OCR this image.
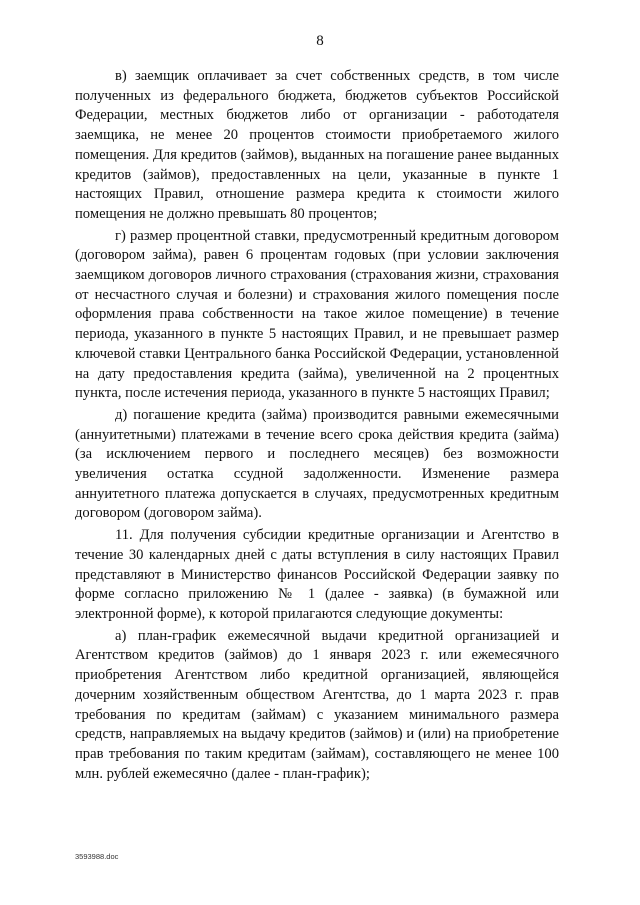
8

в) заемщик оплачивает за счет собственных средств, в том числе полученных из федерального бюджета, бюджетов субъектов Российской Федерации, местных бюджетов либо от организации - работодателя заемщика, не менее 20 процентов стоимости приобретаемого жилого помещения. Для кредитов (займов), выданных на погашение ранее выданных кредитов (займов), предоставленных на цели, указанные в пункте 1 настоящих Правил, отношение размера кредита к стоимости жилого помещения не должно превышать 80 процентов;

г) размер процентной ставки, предусмотренный кредитным договором (договором займа), равен 6 процентам годовых (при условии заключения заемщиком договоров личного страхования (страхования жизни, страхования от несчастного случая и болезни) и страхования жилого помещения после оформления права собственности на такое жилое помещение) в течение периода, указанного в пункте 5 настоящих Правил, и не превышает размер ключевой ставки Центрального банка Российской Федерации, установленной на дату предоставления кредита (займа), увеличенной на 2 процентных пункта, после истечения периода, указанного в пункте 5 настоящих Правил;

д) погашение кредита (займа) производится равными ежемесячными (аннуитетными) платежами в течение всего срока действия кредита (займа) (за исключением первого и последнего месяцев) без возможности увеличения остатка ссудной задолженности. Изменение размера аннуитетного платежа допускается в случаях, предусмотренных кредитным договором (договором займа).

11. Для получения субсидии кредитные организации и Агентство в течение 30 календарных дней с даты вступления в силу настоящих Правил представляют в Министерство финансов Российской Федерации заявку по форме согласно приложению № 1 (далее - заявка) (в бумажной или электронной форме), к которой прилагаются следующие документы:

а) план-график ежемесячной выдачи кредитной организацией и Агентством кредитов (займов) до 1 января 2023 г. или ежемесячного приобретения Агентством либо кредитной организацией, являющейся дочерним хозяйственным обществом Агентства, до 1 марта 2023 г. прав требования по кредитам (займам) с указанием минимального размера средств, направляемых на выдачу кредитов (займов) и (или) на приобретение прав требования по таким кредитам (займам), составляющего не менее 100 млн. рублей ежемесячно (далее - план-график);

3593988.doc
